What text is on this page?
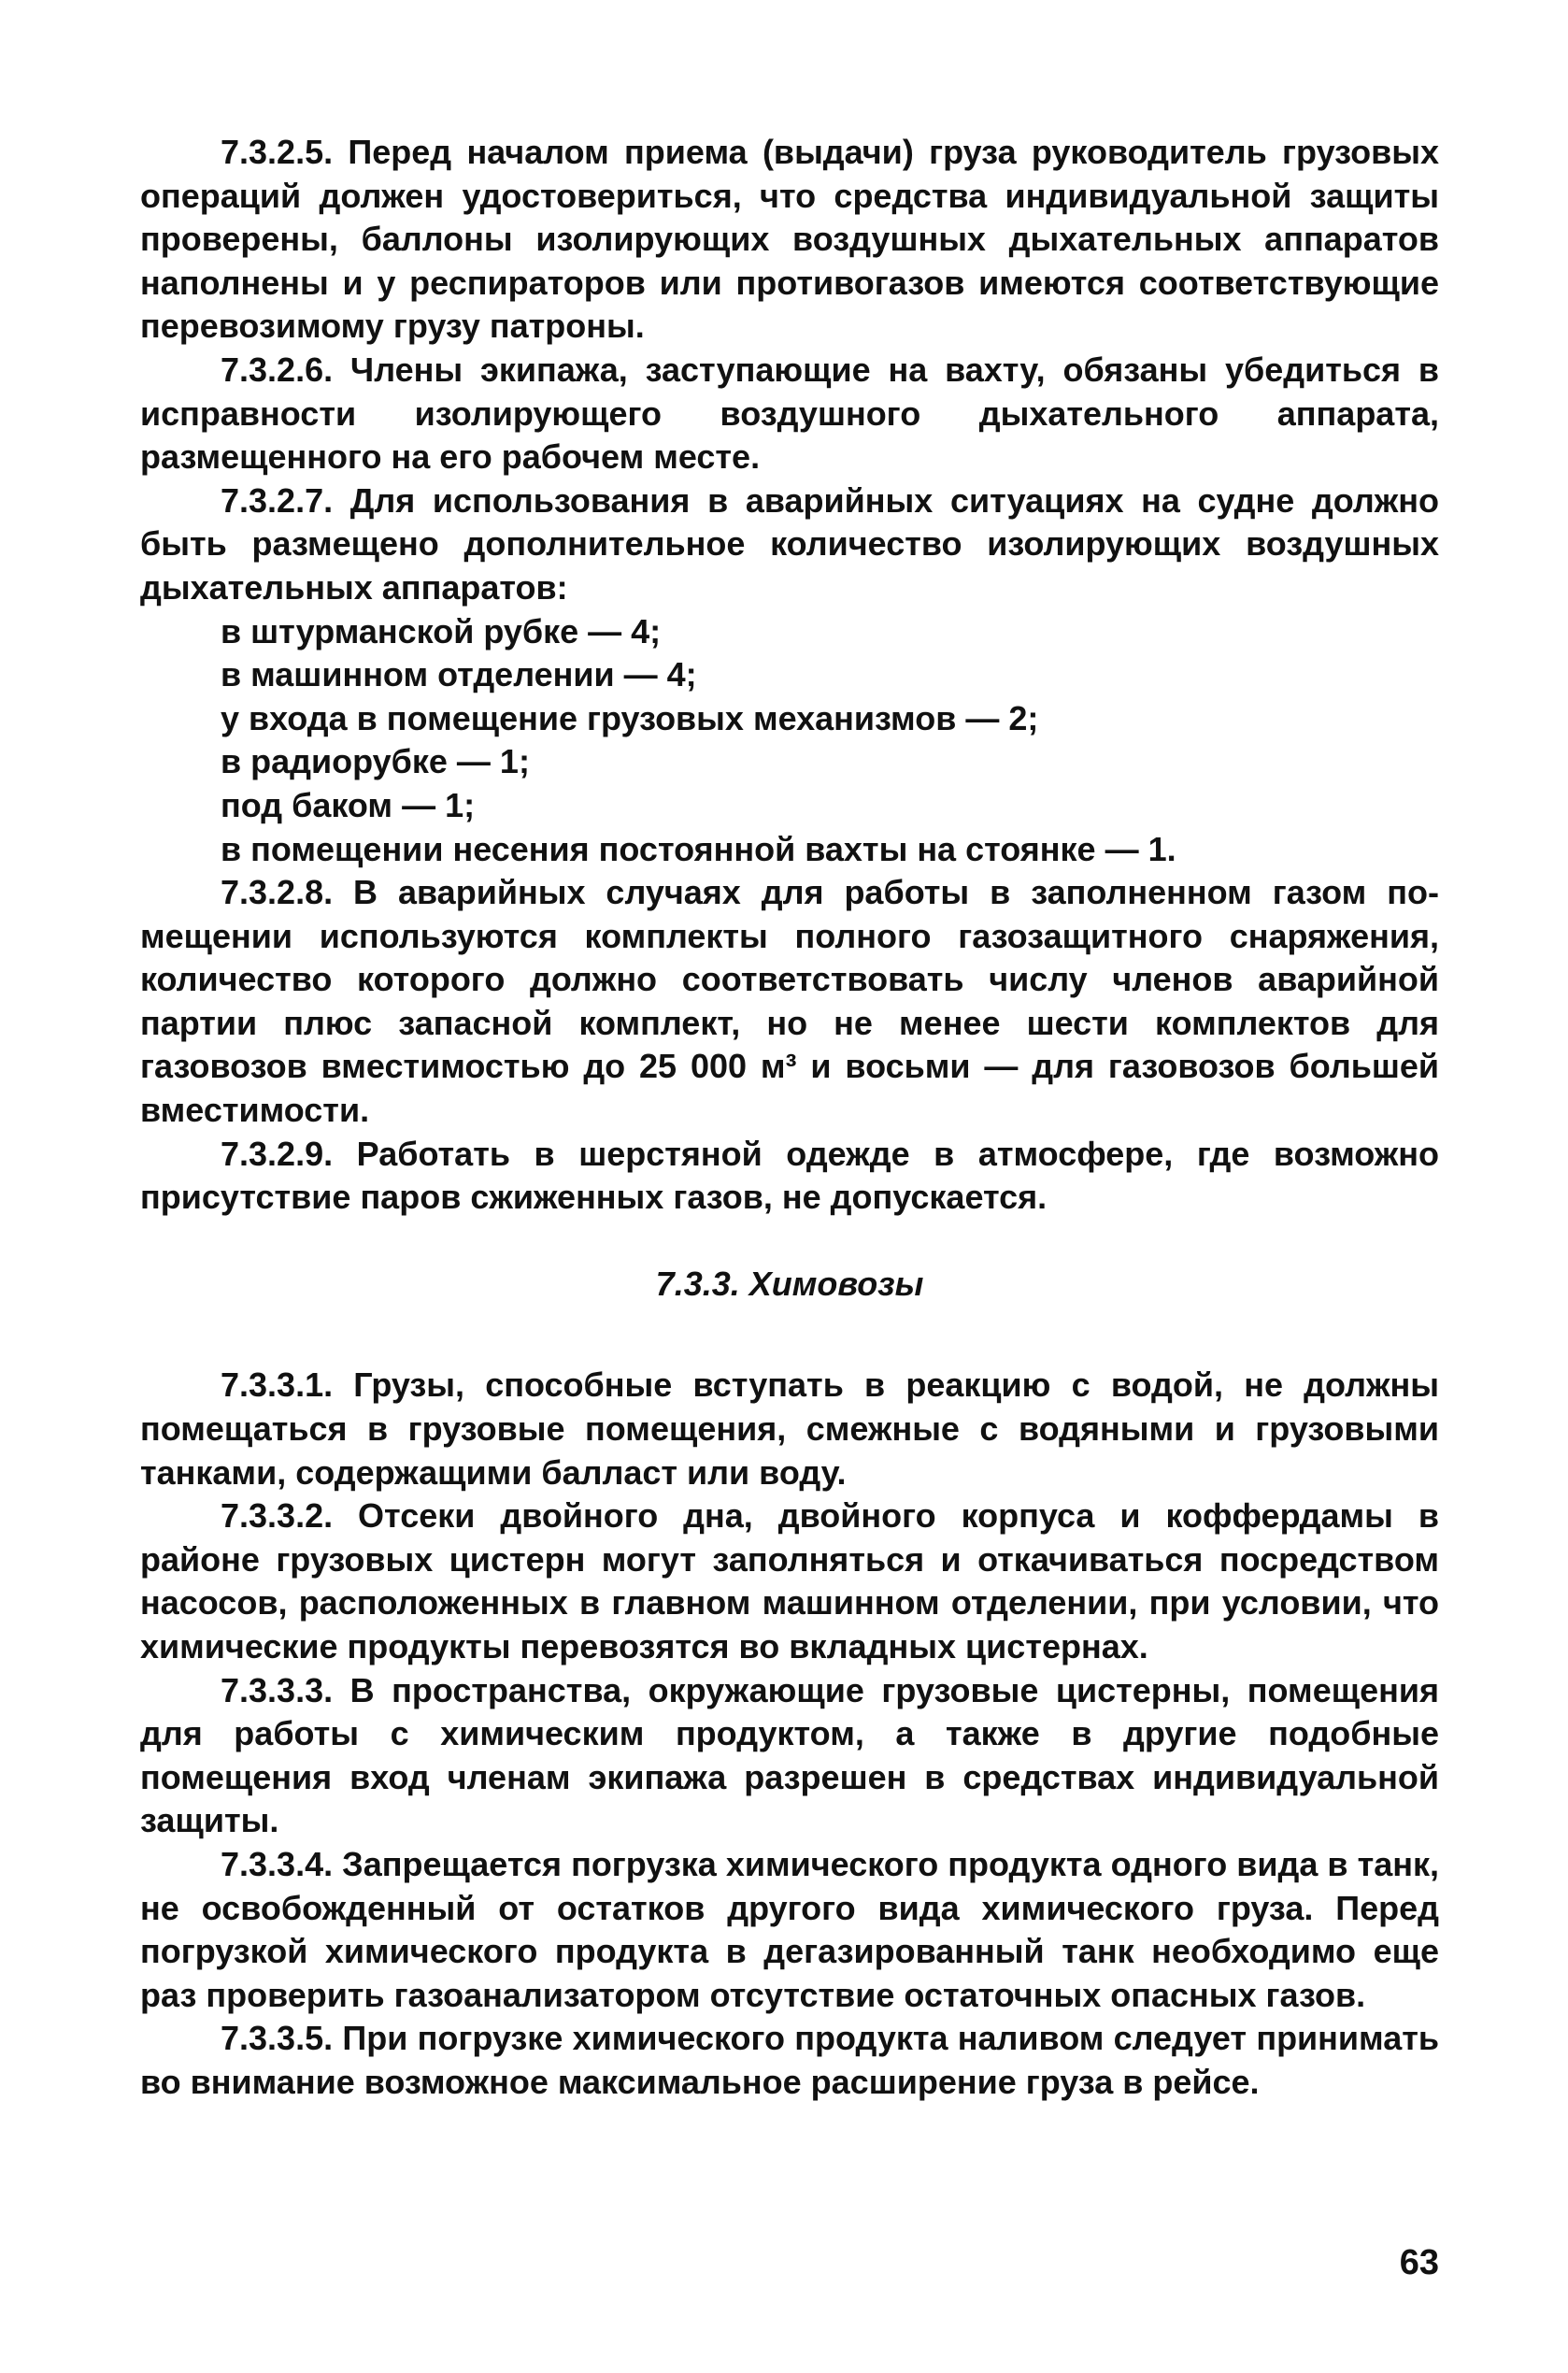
7.3.2.5. Перед началом приема (выдачи) груза руководитель грузовых операций должен удостовериться, что средства индивидуальной защиты проверены, баллоны изолирующих воздушных дыхательных аппаратов наполнены и у респираторов или противогазов имеются соответствующие перевозимому грузу патроны.

7.3.2.6. Члены экипажа, заступающие на вахту, обязаны убедиться в исправности изолирующего воздушного дыхательного аппарата, размещенного на его рабочем месте.

7.3.2.7. Для использования в аварийных ситуациях на судне должно быть размещено дополнительное количество изолирующих воздушных дыхательных аппаратов:

в штурманской рубке — 4;
в машинном отделении — 4;
у входа в помещение грузовых механизмов — 2;
в радиорубке — 1;
под баком — 1;
в помещении несения постоянной вахты на стоянке — 1.

7.3.2.8. В аварийных случаях для работы в заполненном газом помещении используются комплекты полного газозащитного снаряжения, количество которого должно соответствовать числу членов аварийной партии плюс запасной комплект, но не менее шести комплектов для газовозов вместимостью до 25 000 м³ и восьми — для газовозов большей вместимости.

7.3.2.9. Работать в шерстяной одежде в атмосфере, где возможно присутствие паров сжиженных газов, не допускается.

7.3.3. Химовозы

7.3.3.1. Грузы, способные вступать в реакцию с водой, не должны помещаться в грузовые помещения, смежные с водяными и грузовыми танками, содержащими балласт или воду.

7.3.3.2. Отсеки двойного дна, двойного корпуса и коффердамы в районе грузовых цистерн могут заполняться и откачиваться посредством насосов, расположенных в главном машинном отделении, при условии, что химические продукты перевозятся во вкладных цистернах.

7.3.3.3. В пространства, окружающие грузовые цистерны, помещения для работы с химическим продуктом, а также в другие подобные помещения вход членам экипажа разрешен в средствах индивидуальной защиты.

7.3.3.4. Запрещается погрузка химического продукта одного вида в танк, не освобожденный от остатков другого вида химического груза. Перед погрузкой химического продукта в дегазированный танк необходимо еще раз проверить газоанализатором отсутствие остаточных опасных газов.

7.3.3.5. При погрузке химического продукта наливом следует принимать во внимание возможное максимальное расширение груза в рейсе.

63
